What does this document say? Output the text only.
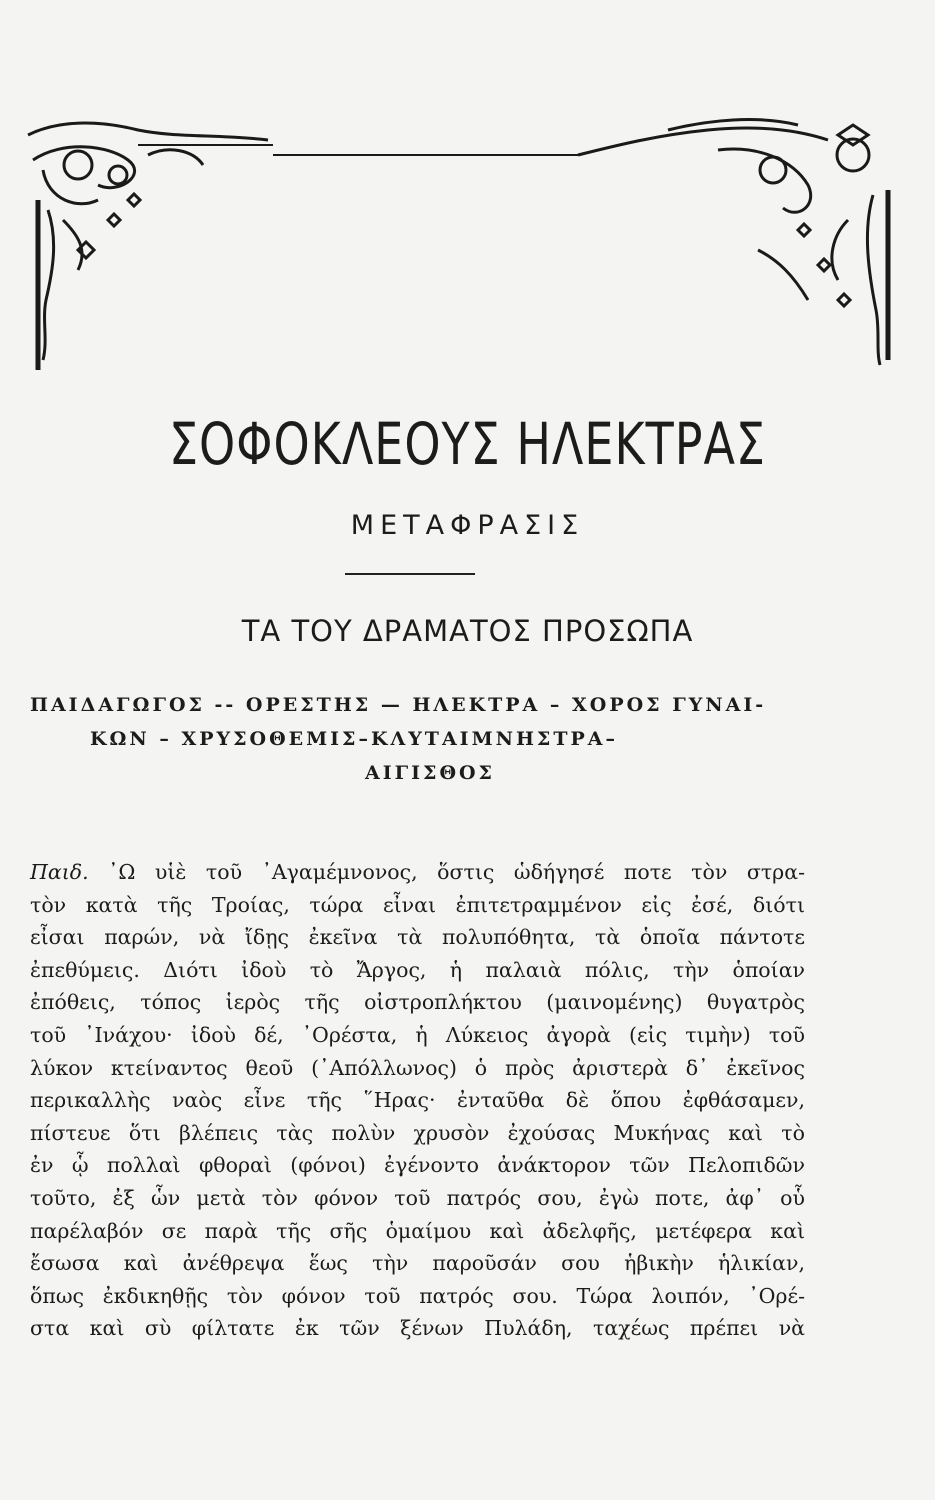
ΣΟΦΟΚΛΕΟΥΣ ΗΛΕΚΤΡΑΣ
ΜΕΤΑΦΡΑΣΙΣ
ΤΑ ΤΟΥ ΔΡΑΜΑΤΟΣ ΠΡΟΣΩΠΑ
ΠΑΙΔΑΓΩΓΟΣ -- ΟΡΕΣΤΗΣ — ΗΛΕΚΤΡΑ – ΧΟΡΟΣ ΓΥΝΑΙ-
ΚΩΝ – ΧΡΥΣΟΘΕΜΙΣ–ΚΛΥΤΑΙΜΝΗΣΤΡΑ–
ΑΙΓΙΣΘΟΣ
Παιδ. ᾿Ω υἱὲ τοῦ ᾿Αγαμέμνονος, ὅστις ὡδήγησέ ποτε τὸν στρα-
τὸν κατὰ τῆς Τροίας, τώρα εἶναι ἐπιτετραμμένον εἰς ἐσέ, διότι
εἶσαι παρών, νὰ ἴδῃς ἐκεῖνα τὰ πολυπόθητα, τὰ ὁποῖα πάντοτε
ἐπεθύμεις. Διότι ἰδοὺ τὸ Ἄργος, ἡ παλαιὰ πόλις, τὴν ὁποίαν
ἐπόθεις, τόπος ἱερὸς τῆς οἰστροπλήκτου (μαινομένης) θυγατρὸς
τοῦ ᾿Ινάχου· ἰδοὺ δέ, ᾿Ορέστα, ἡ Λύκειος ἀγορὰ (εἰς τιμὴν) τοῦ
λύκον κτείναντος θεοῦ (᾿Απόλλωνος) ὁ πρὸς ἀριστερὰ δ᾿ ἐκεῖνος
περικαλλὴς ναὸς εἶνε τῆς ῞Ηρας· ἐνταῦθα δὲ ὅπου ἐφθάσαμεν,
πίστευε ὅτι βλέπεις τὰς πολὺν χρυσὸν ἐχούσας Μυκήνας καὶ τὸ
ἐν ᾧ πολλαὶ φθοραὶ (φόνοι) ἐγένοντο ἀνάκτορον τῶν Πελοπιδῶν
τοῦτο, ἐξ ὧν μετὰ τὸν φόνον τοῦ πατρός σου, ἐγὼ ποτε, ἀφ᾿ οὗ
παρέλαβόν σε παρὰ τῆς σῆς ὁμαίμου καὶ ἀδελφῆς, μετέφερα καὶ
ἔσωσα καὶ ἀνέθρεψα ἕως τὴν παροῦσάν σου ἡβικὴν ἡλικίαν,
ὅπως ἐκδικηθῇς τὸν φόνον τοῦ πατρός σου. Τώρα λοιπόν, ᾿Ορέ-
στα καὶ σὺ φίλτατε ἐκ τῶν ξένων Πυλάδη, ταχέως πρέπει νὰ
